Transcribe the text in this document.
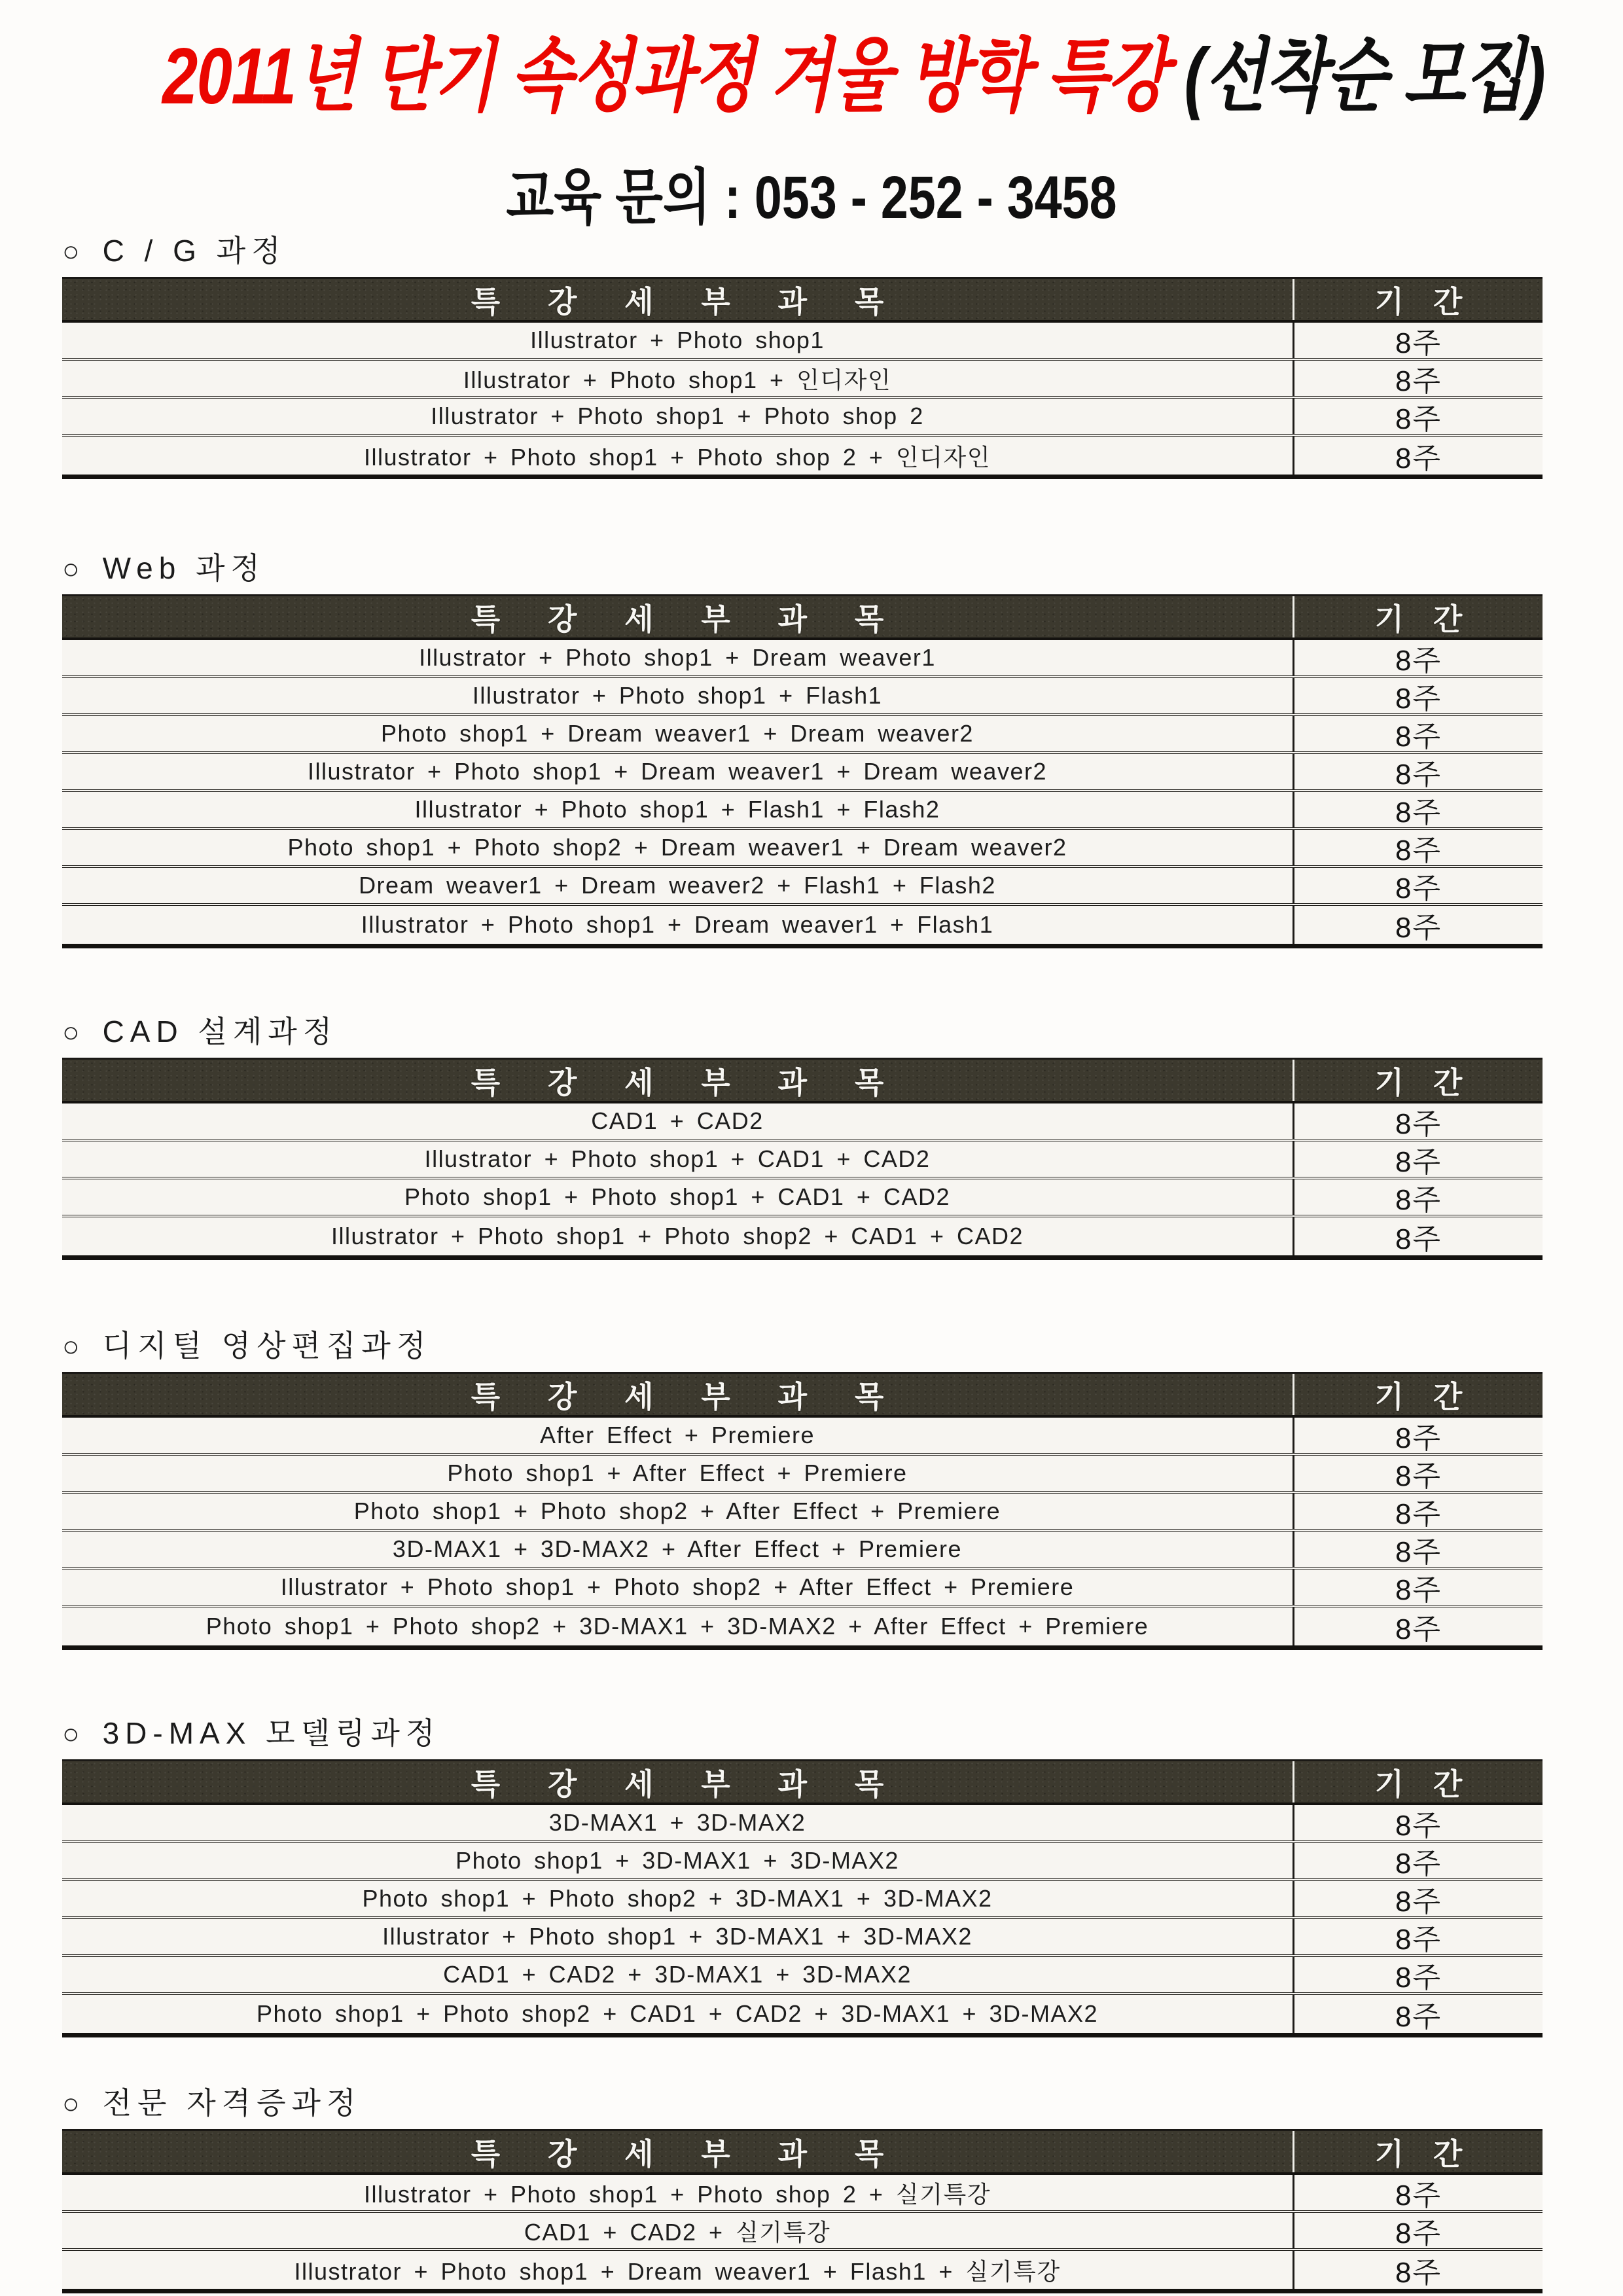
2011년 단기 속성과정 겨울 방학 특강 (선착순 모집)
교육 문의 : 053 - 252 - 3458
○ C / G 과정
특 강 세 부 과 목	기 간
Illustrator + Photo shop1	8주
Illustrator + Photo shop1 + 인디자인	8주
Illustrator + Photo shop1 + Photo shop 2	8주
Illustrator + Photo shop1 + Photo shop 2 + 인디자인	8주
○ Web 과정
특 강 세 부 과 목	기 간
Illustrator + Photo shop1 + Dream weaver1	8주
Illustrator + Photo shop1 + Flash1	8주
Photo shop1 + Dream weaver1 + Dream weaver2	8주
Illustrator + Photo shop1 + Dream weaver1 + Dream weaver2	8주
Illustrator + Photo shop1 + Flash1 + Flash2	8주
Photo shop1 + Photo shop2 + Dream weaver1 + Dream weaver2	8주
Dream weaver1 + Dream weaver2 + Flash1 + Flash2	8주
Illustrator + Photo shop1 + Dream weaver1 + Flash1	8주
○ CAD 설계과정
특 강 세 부 과 목	기 간
CAD1 + CAD2	8주
Illustrator + Photo shop1 + CAD1 + CAD2	8주
Photo shop1 + Photo shop1 + CAD1 + CAD2	8주
Illustrator + Photo shop1 + Photo shop2 + CAD1 + CAD2	8주
○ 디지털 영상편집과정
특 강 세 부 과 목	기 간
After Effect + Premiere	8주
Photo shop1 + After Effect + Premiere	8주
Photo shop1 + Photo shop2 + After Effect + Premiere	8주
3D-MAX1 + 3D-MAX2 + After Effect + Premiere	8주
Illustrator + Photo shop1 + Photo shop2 + After Effect + Premiere	8주
Photo shop1 + Photo shop2 + 3D-MAX1 + 3D-MAX2 + After Effect + Premiere	8주
○ 3D-MAX 모델링과정
특 강 세 부 과 목	기 간
3D-MAX1 + 3D-MAX2	8주
Photo shop1 + 3D-MAX1 + 3D-MAX2	8주
Photo shop1 + Photo shop2 + 3D-MAX1 + 3D-MAX2	8주
Illustrator + Photo shop1 + 3D-MAX1 + 3D-MAX2	8주
CAD1 + CAD2 + 3D-MAX1 + 3D-MAX2	8주
Photo shop1 + Photo shop2 + CAD1 + CAD2 + 3D-MAX1 + 3D-MAX2	8주
○ 전문 자격증과정
특 강 세 부 과 목	기 간
Illustrator + Photo shop1 + Photo shop 2 + 실기특강	8주
CAD1 + CAD2 + 실기특강	8주
Illustrator + Photo shop1 + Dream weaver1 + Flash1 + 실기특강	8주
